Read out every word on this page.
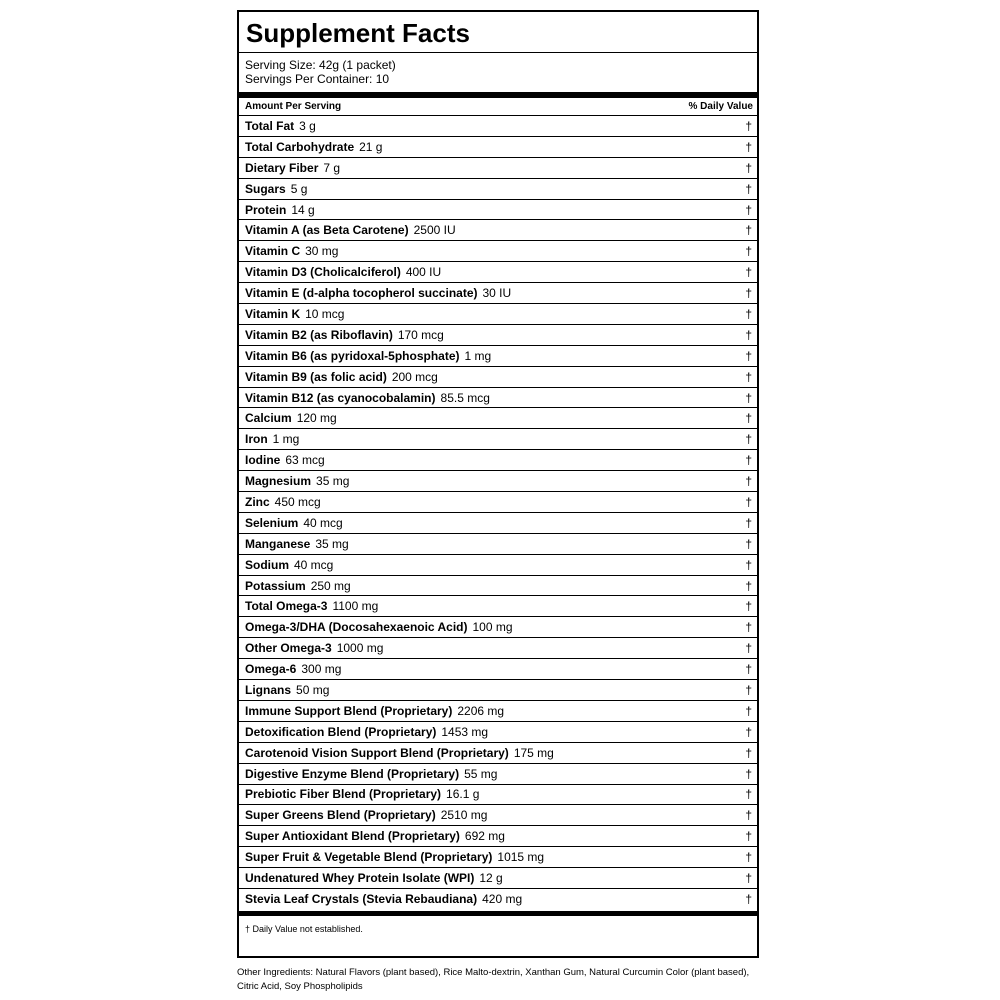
Supplement Facts
Serving Size: 42g (1 packet)
Servings Per Container: 10
Amount Per Serving	% Daily Value
Total Fat 3 g	†
Total Carbohydrate 21 g	†
Dietary Fiber 7 g	†
Sugars 5 g	†
Protein 14 g	†
Vitamin A (as Beta Carotene) 2500 IU	†
Vitamin C 30 mg	†
Vitamin D3 (Cholicalciferol) 400 IU	†
Vitamin E (d-alpha tocopherol succinate) 30 IU	†
Vitamin K 10 mcg	†
Vitamin B2 (as Riboflavin) 170 mcg	†
Vitamin B6 (as pyridoxal-5phosphate) 1 mg	†
Vitamin B9 (as folic acid) 200 mcg	†
Vitamin B12 (as cyanocobalamin) 85.5 mcg	†
Calcium 120 mg	†
Iron 1 mg	†
Iodine 63 mcg	†
Magnesium 35 mg	†
Zinc 450 mcg	†
Selenium 40 mcg	†
Manganese 35 mg	†
Sodium 40 mcg	†
Potassium 250 mg	†
Total Omega-3 1100 mg	†
Omega-3/DHA (Docosahexaenoic Acid) 100 mg	†
Other Omega-3 1000 mg	†
Omega-6 300 mg	†
Lignans 50 mg	†
Immune Support Blend (Proprietary) 2206 mg	†
Detoxification Blend (Proprietary) 1453 mg	†
Carotenoid Vision Support Blend (Proprietary) 175 mg	†
Digestive Enzyme Blend (Proprietary) 55 mg	†
Prebiotic Fiber Blend (Proprietary) 16.1 g	†
Super Greens Blend (Proprietary) 2510 mg	†
Super Antioxidant Blend (Proprietary) 692 mg	†
Super Fruit & Vegetable Blend (Proprietary) 1015 mg	†
Undenatured Whey Protein Isolate (WPI) 12 g	†
Stevia Leaf Crystals (Stevia Rebaudiana) 420 mg	†
† Daily Value not established.
Other Ingredients: Natural Flavors (plant based), Rice Malto-dextrin, Xanthan Gum, Natural Curcumin Color (plant based), Citric Acid, Soy Phospholipids
